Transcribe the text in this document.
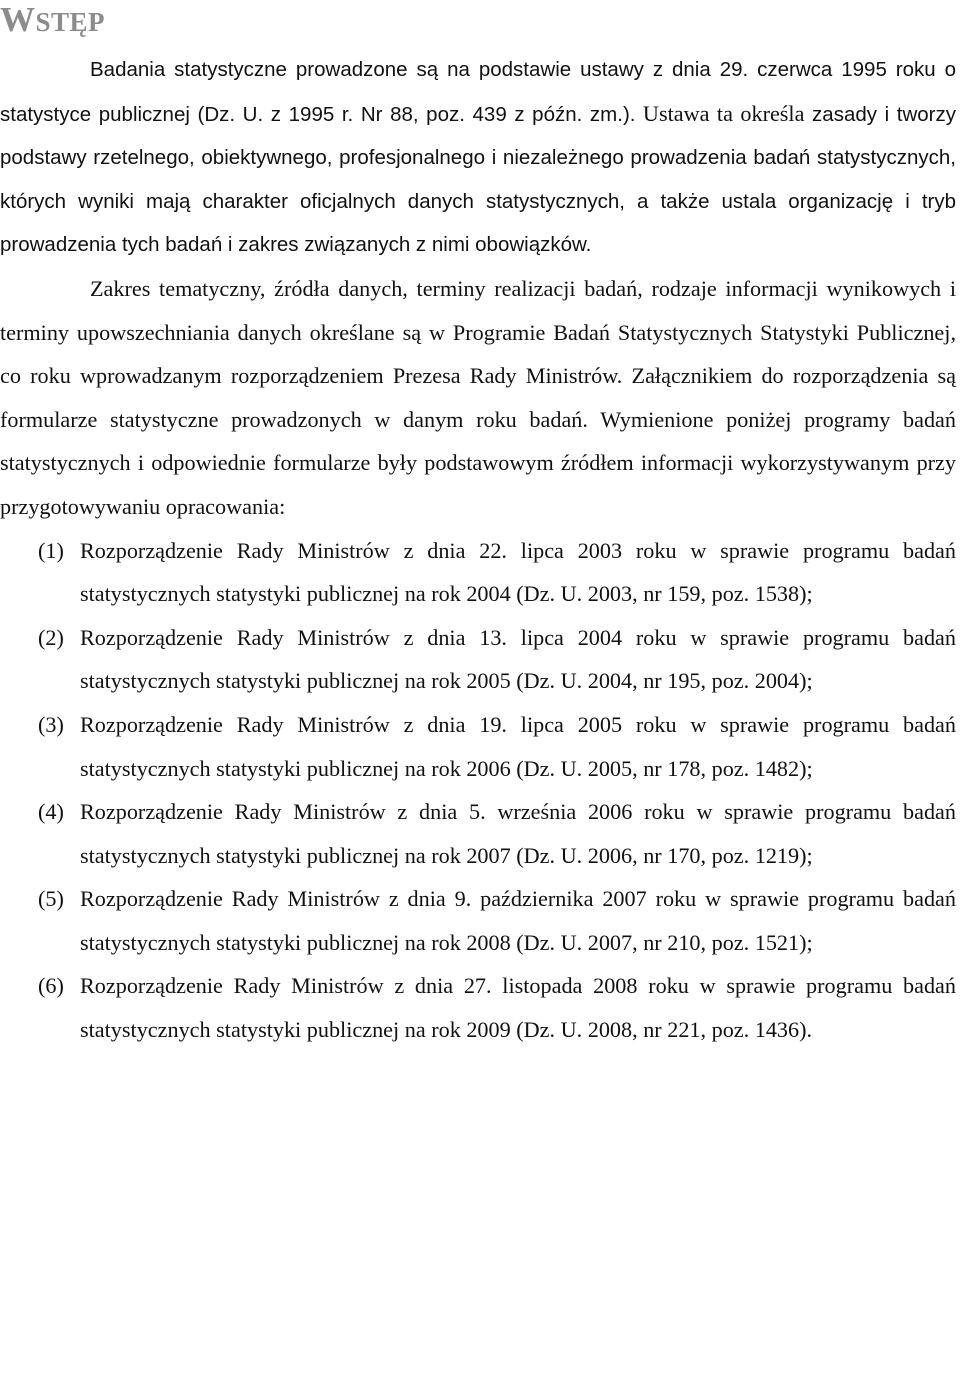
WSTĘP

Badania statystyczne prowadzone są na podstawie ustawy z dnia 29. czerwca 1995 roku o statystyce publicznej (Dz. U. z 1995 r. Nr 88, poz. 439 z późn. zm.). Ustawa ta określa zasady i tworzy podstawy rzetelnego, obiektywnego, profesjonalnego i niezależnego prowadzenia badań statystycznych, których wyniki mają charakter oficjalnych danych statystycznych, a także ustala organizację i tryb prowadzenia tych badań i zakres związanych z nimi obowiązków.

Zakres tematyczny, źródła danych, terminy realizacji badań, rodzaje informacji wynikowych i terminy upowszechniania danych określane są w Programie Badań Statystycznych Statystyki Publicznej, co roku wprowadzanym rozporządzeniem Prezesa Rady Ministrów. Załącznikiem do rozporządzenia są formularze statystyczne prowadzonych w danym roku badań. Wymienione poniżej programy badań statystycznych i odpowiednie formularze były podstawowym źródłem informacji wykorzystywanym przy przygotowywaniu opracowania:

(1) Rozporządzenie Rady Ministrów z dnia 22. lipca 2003 roku w sprawie programu badań statystycznych statystyki publicznej na rok 2004 (Dz. U. 2003, nr 159, poz. 1538);
(2) Rozporządzenie Rady Ministrów z dnia 13. lipca 2004 roku w sprawie programu badań statystycznych statystyki publicznej na rok 2005 (Dz. U. 2004, nr 195, poz. 2004);
(3) Rozporządzenie Rady Ministrów z dnia 19. lipca 2005 roku w sprawie programu badań statystycznych statystyki publicznej na rok 2006 (Dz. U. 2005, nr 178, poz. 1482);
(4) Rozporządzenie Rady Ministrów z dnia 5. września 2006 roku w sprawie programu badań statystycznych statystyki publicznej na rok 2007 (Dz. U. 2006, nr 170, poz. 1219);
(5) Rozporządzenie Rady Ministrów z dnia 9. października 2007 roku w sprawie programu badań statystycznych statystyki publicznej na rok 2008 (Dz. U. 2007, nr 210, poz. 1521);
(6) Rozporządzenie Rady Ministrów z dnia 27. listopada 2008 roku w sprawie programu badań statystycznych statystyki publicznej na rok 2009 (Dz. U. 2008, nr 221, poz. 1436).
